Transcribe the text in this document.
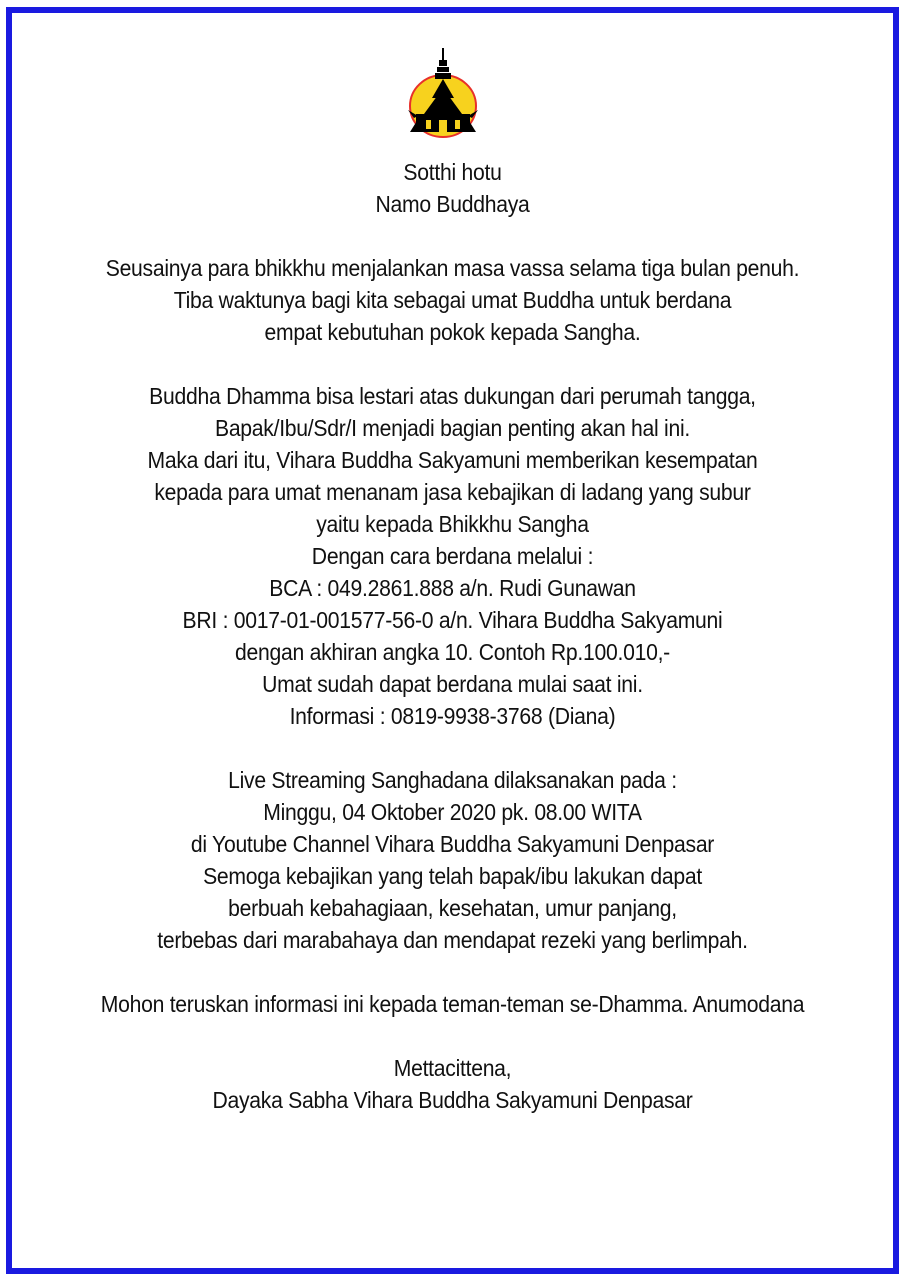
Sotthi hotu
Namo Buddhaya
Seusainya para bhikkhu menjalankan masa vassa selama tiga bulan penuh.
Tiba waktunya bagi kita sebagai umat Buddha untuk berdana
empat kebutuhan pokok kepada Sangha.
Buddha Dhamma bisa lestari atas dukungan dari perumah tangga,
Bapak/Ibu/Sdr/I menjadi bagian penting akan hal ini.
Maka dari itu, Vihara Buddha Sakyamuni memberikan kesempatan
kepada para umat menanam jasa kebajikan di ladang yang subur
yaitu kepada Bhikkhu Sangha
Dengan cara berdana melalui :
BCA : 049.2861.888 a/n. Rudi Gunawan
BRI : 0017-01-001577-56-0 a/n. Vihara Buddha Sakyamuni
dengan akhiran angka 10. Contoh Rp.100.010,-
Umat sudah dapat berdana mulai saat ini.
Informasi : 0819-9938-3768 (Diana)
Live Streaming Sanghadana dilaksanakan pada :
Minggu, 04 Oktober 2020 pk. 08.00 WITA
di Youtube Channel Vihara Buddha Sakyamuni Denpasar
Semoga kebajikan yang telah bapak/ibu lakukan dapat
berbuah kebahagiaan, kesehatan, umur panjang,
terbebas dari marabahaya dan mendapat rezeki yang berlimpah.
Mohon teruskan informasi ini kepada teman-teman se-Dhamma. Anumodana
Mettacittena,
Dayaka Sabha Vihara Buddha Sakyamuni Denpasar
